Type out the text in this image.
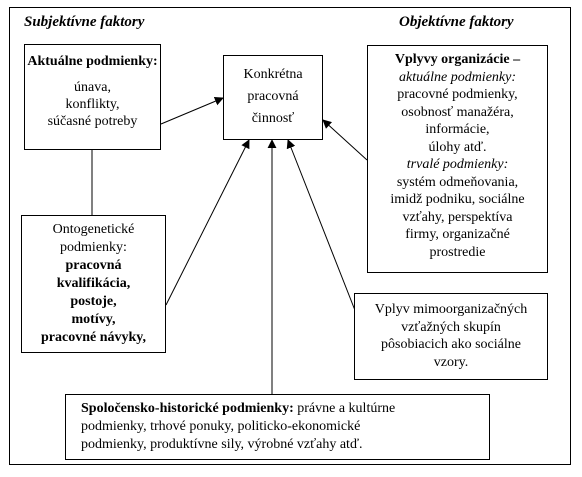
Subjektívne faktory	Objektívne faktory
Aktuálne podmienky:
únava,
konflikty,
súčasné potreby
Konkrétna
pracovná
činnosť
Ontogenetické
podmienky:
pracovná
kvalifikácia,
postoje,
motívy,
pracovné návyky,
Vplyvy organizácie –
aktuálne podmienky:
pracovné podmienky,
osobnosť manažéra,
informácie,
úlohy atď.
trvalé podmienky:
systém odmeňovania,
imidž podniku, sociálne
vzťahy, perspektíva
firmy, organizačné
prostredie
Vplyv mimoorganizačných
vzťažných skupín
pôsobiacich ako sociálne
vzory.
Spoločensko-historické podmienky: právne a kultúrne
podmienky, trhové ponuky, politicko-ekonomické
podmienky, produktívne sily, výrobné vzťahy atď.
